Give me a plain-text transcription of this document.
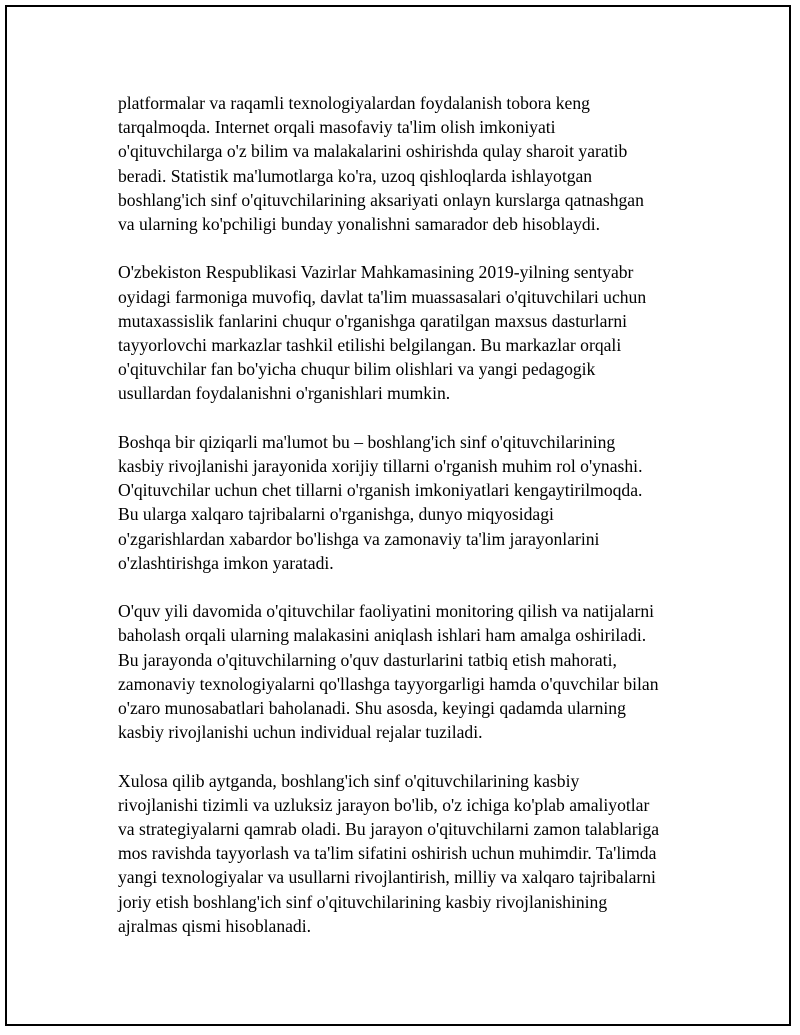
platformalar va raqamli texnologiyalardan foydalanish tobora keng
tarqalmoqda. Internet orqali masofaviy ta'lim olish imkoniyati
o'qituvchilarga o'z bilim va malakalarini oshirishda qulay sharoit yaratib
beradi. Statistik ma'lumotlarga ko'ra, uzoq qishloqlarda ishlayotgan
boshlang'ich sinf o'qituvchilarining aksariyati onlayn kurslarga qatnashgan
va ularning ko'pchiligi bunday yonalishni samarador deb hisoblaydi.

O'zbekiston Respublikasi Vazirlar Mahkamasining 2019-yilning sentyabr
oyidagi farmoniga muvofiq, davlat ta'lim muassasalari o'qituvchilari uchun
mutaxassislik fanlarini chuqur o'rganishga qaratilgan maxsus dasturlarni
tayyorlovchi markazlar tashkil etilishi belgilangan. Bu markazlar orqali
o'qituvchilar fan bo'yicha chuqur bilim olishlari va yangi pedagogik
usullardan foydalanishni o'rganishlari mumkin.

Boshqa bir qiziqarli ma'lumot bu – boshlang'ich sinf o'qituvchilarining
kasbiy rivojlanishi jarayonida xorijiy tillarni o'rganish muhim rol o'ynashi.
O'qituvchilar uchun chet tillarni o'rganish imkoniyatlari kengaytirilmoqda.
Bu ularga xalqaro tajribalarni o'rganishga, dunyo miqyosidagi
o'zgarishlardan xabardor bo'lishga va zamonaviy ta'lim jarayonlarini
o'zlashtirishga imkon yaratadi.

O'quv yili davomida o'qituvchilar faoliyatini monitoring qilish va natijalarni
baholash orqali ularning malakasini aniqlash ishlari ham amalga oshiriladi.
Bu jarayonda o'qituvchilarning o'quv dasturlarini tatbiq etish mahorati,
zamonaviy texnologiyalarni qo'llashga tayyorgarligi hamda o'quvchilar bilan
o'zaro munosabatlari baholanadi. Shu asosda, keyingi qadamda ularning
kasbiy rivojlanishi uchun individual rejalar tuziladi.

Xulosa qilib aytganda, boshlang'ich sinf o'qituvchilarining kasbiy
rivojlanishi tizimli va uzluksiz jarayon bo'lib, o'z ichiga ko'plab amaliyotlar
va strategiyalarni qamrab oladi. Bu jarayon o'qituvchilarni zamon talablariga
mos ravishda tayyorlash va ta'lim sifatini oshirish uchun muhimdir. Ta'limda
yangi texnologiyalar va usullarni rivojlantirish, milliy va xalqaro tajribalarni
joriy etish boshlang'ich sinf o'qituvchilarining kasbiy rivojlanishining
ajralmas qismi hisoblanadi.
